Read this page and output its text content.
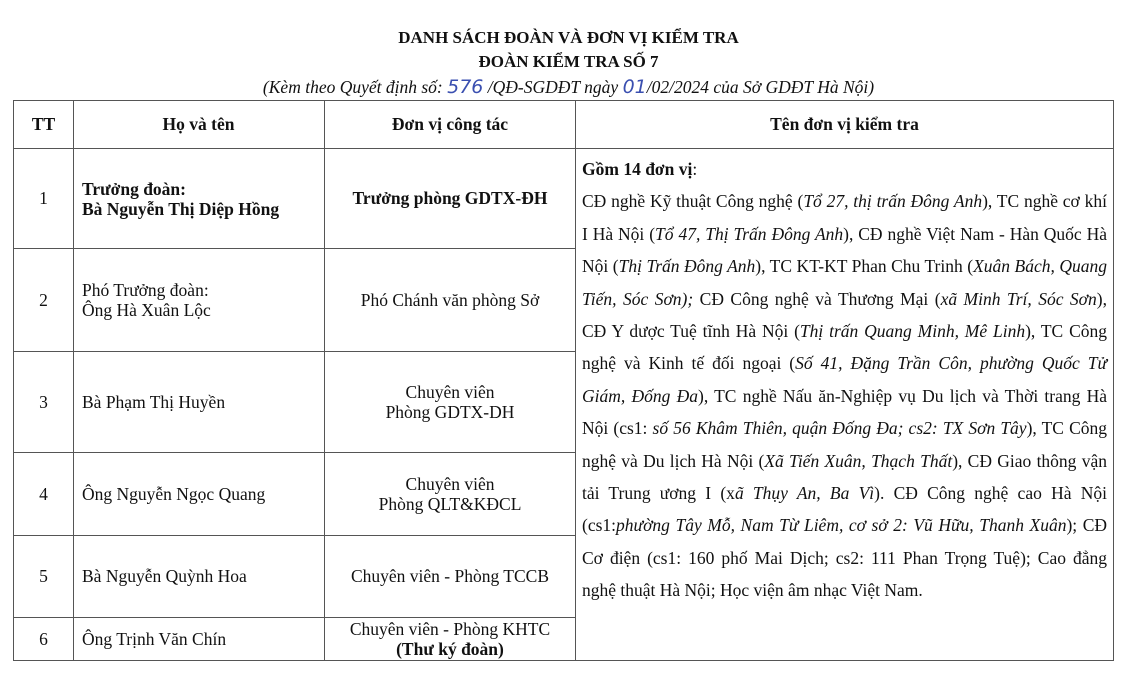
DANH SÁCH ĐOÀN VÀ ĐƠN VỊ KIỂM TRA
ĐOÀN KIỂM TRA SỐ 7
(Kèm theo Quyết định số: 576 /QĐ-SGDĐT ngày 01/02/2024 của Sở GDĐT Hà Nội)
TT	Họ và tên	Đơn vị công tác	Tên đơn vị kiểm tra
1	Trưởng đoàn:
Bà Nguyễn Thị Diệp Hồng
	Trưởng phòng GDTX-ĐH	
Gồm 14 đơn vị:
CĐ nghề Kỹ thuật Công nghệ (Tổ 27, thị trấn Đông Anh), TC nghề cơ khí I Hà Nội (Tổ 47, Thị Trấn Đông Anh), CĐ nghề Việt Nam - Hàn Quốc Hà Nội (Thị Trấn Đông Anh), TC KT-KT Phan Chu Trinh (Xuân Bách, Quang Tiến, Sóc Sơn); CĐ Công nghệ và Thương Mại (xã Minh Trí, Sóc Sơn), CĐ Y dược Tuệ tĩnh Hà Nội (Thị trấn Quang Minh, Mê Linh), TC Công nghệ và Kinh tế đối ngoại (Số 41, Đặng Trần Côn, phường Quốc Tử Giám, Đống Đa), TC nghề Nấu ăn-Nghiệp vụ Du lịch và Thời trang Hà Nội (cs1: số 56 Khâm Thiên, quận Đống Đa; cs2: TX Sơn Tây), TC Công nghệ và Du lịch Hà Nội (Xã Tiến Xuân, Thạch Thất), CĐ Giao thông vận tải Trung ương I (xã Thụy An, Ba Vì). CĐ Công nghệ cao Hà Nội (cs1:phường Tây Mỗ, Nam Từ Liêm, cơ sở 2: Vũ Hữu, Thanh Xuân); CĐ Cơ điện (cs1: 160 phố Mai Dịch; cs2: 111 Phan Trọng Tuệ); Cao đẳng nghệ thuật Hà Nội; Học viện âm nhạc Việt Nam.

2	Phó Trưởng đoàn:
Ông Hà Xuân Lộc	Phó Chánh văn phòng Sở	
3	Bà Phạm Thị Huyền	Chuyên viên
Phòng GDTX-DH	

4	Ông Nguyễn Ngọc Quang	Chuyên viên
Phòng QLT&KĐCL	

5	Bà Nguyễn Quỳnh Hoa	Chuyên viên - Phòng TCCB	
6	Ông Trịnh Văn Chín	Chuyên viên - Phòng KHTC
(Thư ký đoàn)	
